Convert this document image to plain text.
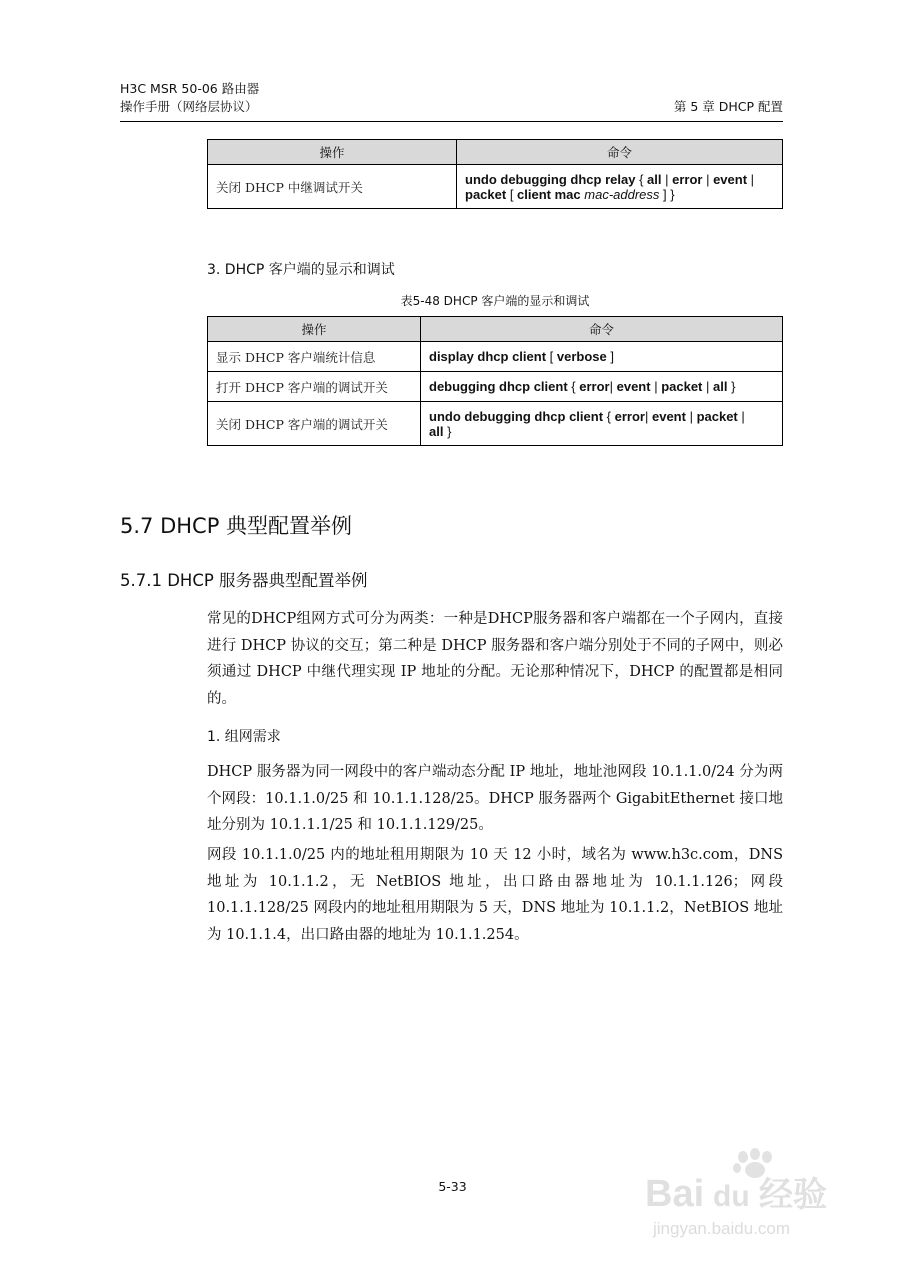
H3C MSR 50-06 路由器
操作手册（网络层协议）	第 5 章 DHCP 配置
操作	命令
关闭 DHCP 中继调试开关	undo debugging dhcp relay { all | error | event |
packet [ client mac mac-address ] }
3. DHCP 客户端的显示和调试
表5-48 DHCP 客户端的显示和调试
操作	命令
显示 DHCP 客户端统计信息	display dhcp client [ verbose ]
打开 DHCP 客户端的调试开关	debugging dhcp client { error| event | packet | all }
关闭 DHCP 客户端的调试开关	undo debugging dhcp client { error| event | packet |
all }
5.7 DHCP 典型配置举例
5.7.1 DHCP 服务器典型配置举例
常见的DHCP组网方式可分为两类：一种是DHCP服务器和客户端都在一个子网内，直接进行 DHCP 协议的交互；第二种是 DHCP 服务器和客户端分别处于不同的子网中，则必须通过 DHCP 中继代理实现 IP 地址的分配。无论那种情况下，DHCP 的配置都是相同的。
1. 组网需求
DHCP 服务器为同一网段中的客户端动态分配 IP 地址，地址池网段 10.1.1.0/24 分为两个网段：10.1.1.0/25 和 10.1.1.128/25。DHCP 服务器两个 GigabitEthernet 接口地址分别为 10.1.1.1/25 和 10.1.1.129/25。
网段 10.1.1.0/25 内的地址租用期限为 10 天 12 小时，域名为 www.h3c.com，DNS 地址为 10.1.1.2，无 NetBIOS 地址，出口路由器地址为 10.1.1.126；网段 10.1.1.128/25 网段内的地址租用期限为 5 天，DNS 地址为 10.1.1.2，NetBIOS 地址为 10.1.1.4，出口路由器的地址为 10.1.1.254。
5-33	Bai du 经验
jingyan.baidu.com
